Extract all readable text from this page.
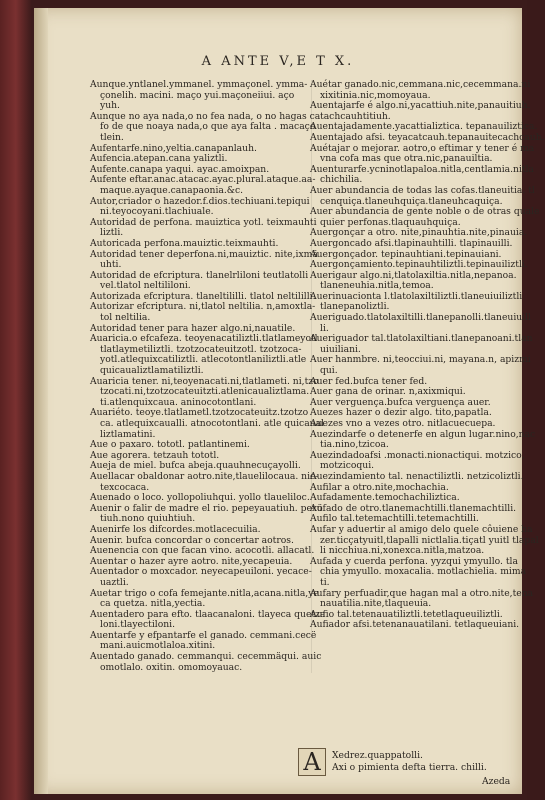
A ANTE V,E T X.
Aunque.yntlanel.ymmanel. ymmaçonel. ymma-
çonelih. macini. maço yui.maçoneiiui. aço
yuh.
Aunque no aya nada,o no fea nada, o no hagas ca
fo de que noaya nada,o que aya falta . macaço
tlein.
Aufentarfe.nino,yeltia.canapanlauh.
Aufencia.atepan.cana yaliztli.
Aufente.canapa yaqui. ayac.amoixpan.
Aufente eftar.anac.atacac.ayac.plural.ataque.aa-
maque.ayaque.canapaonia.&c.
Autor,criador o hazedor.f.dios.techiuani.tepiqui
ni.teyocoyani.tlachiuale.
Autoridad de perfona. mauiztica yotl. teixmauhti
liztli.
Autoricada perfona.mauiztic.teixmauhti.
Autoridad tener deperfona.ni,mauiztic. nite,ixmä
uhti.
Autoridad de efcriptura. tlanelrliloni teutlatolli
vel.tlatol neltililoni.
Autorizada efcriptura. tlaneltililli. tlatol neltililli.
Autorizar efcriptura. ni,tlatol neltilia. n,amoxtla-
tol neltilia.
Autoridad tener para hazer algo.ni,nauatile.
Auaricia.o efcafeza. teoyenacatiliztli.tlatlameyotl
tlatlaymetiliztli. tzotzocateuitzotl. tzotzoca-
yotl.atlequixcatiliztli. atlecotontlaniliztli.atle
quicaualiztlamatiliztli.
Auaricia tener. ni,teoyenacati.ni,tlatlameti. ni,tzo
tzocati.ni,tzotzocateuitzti.atlenicaualiztlama.
ti.atlenquixcaua. aninocotontlani.
Auariéto. teoye.tlatlametl.tzotzocateuitz.tzotzo
ca. atlequixcaualli. atnocotontlani. atle quicaual
liztlamatini.
Aue o paxaro. tototl. patlantinemi.
Aue agorera. tetzauh tototl.
Aueja de miel. bufca abeja.quauhnecuçayolli.
Auellacar obaldonar aotro.nite,tlauelilocaua. nic-
texcocaca.
Auenado o loco. yollopoliuhqui. yollo tlaueliloc.
Auenir o falir de madre el rio. pepeyauatiuh. pexö
tiuh.nono quiuhtiuh.
Auenirfe los difcordes.motlacecuilia.
Auenir. bufca concordar o concertar aotros.
Auenencia con que facan vino. acocotli. allacatl.
Auentar o hazer ayre aotro. nite,yecapeuia.
Auentador o moxcador. neyecapeuiloni. yecace-
uaztli.
Auetar trigo o cofa femejante.nitla,acana.nitla,ye
ca quetza. nitla,yectia.
Auentadero para efto. tlaacanaloni. tlayeca quetza
loni.tlayectiloni.
Auentarfe y efpantarfe el ganado. cemmani.cecë
mani.auicmotlaloa.xitini.
Auentado ganado. cemmanqui. cecemmäqui. auic
omotlalo. oxitin. omomoyauac.
Auétar ganado.nic,cemmana.nic,cecemmana.ni
xixitinia.nic,momoyaua.
Auentajarfe é algo.ni,yacattiuh.nite,panauitiuh.
tachcauhtitiuh.
Auentajadamente.yacattializtica. tepanauiliztica.
Auentajado afsi. teyacatcauh.tepanauitecachcauh.
Auétajar o mejorar. aotro,o eftimar y tener é ma
vna cofa mas que otra.nic,panauiltia.
Auenturarfe.ycninotlapaloa.nitla,centlamia.nitla
chichilia.
Auer abundancia de todas las cofas.tlaneuitia. tl
cenquiça.tlaneuhquiça.tlaneuhcaquiça.
Auer abundancia de gente noble o de otras quale
quier perfonas.tlaquauhquiça.
Auergonçar a otro. nite,pinauhtia.nite,pinauia.
Auergoncado afsi.tlapinauhtilli. tlapinauilli.
Auergonçador. tepinauhtiani.tepinauiani.
Auergonçamiento.tepinauhtiliztli.tepinauiliztli.
Auerigaur algo.ni,tlatolaxiltia.nitla,nepanoa.
tlaneneuhia.nitla,temoa.
Auerinuacionta l.tlatolaxiltiliztli.tlaneuiuiliztli
tlanepanoliztli.
Aueriguado.tlatolaxiltilli.tlanepanolli.tlaneuiuill
li.
Aueriguador tal.tlatolaxiltiani.tlanepanoani.tlan
uiuiliani.
Auer hanmbre. ni,teocciui.ni, mayana.n, apizmi
qui.
Auer fed.bufca tener fed.
Auer gana de orinar. n,axixmiqui.
Auer verguença.bufca verguença auer.
Auezes hazer o dezir algo. tito,papatla.
Auezes vno a vezes otro. nitlacuecuepa.
Auezindarfe o detenerfe en algun lugar.nino,nac
tia.nino,tzicoa.
Auezindadoafsi .monacti.nionactiqui. motzico,
motzicoqui.
Auezindamiento tal. nenactiliztli. netzicoliztli.
Aufilar a otro.nite,mochachia.
Aufadamente.temochachiliztica.
Aufado de otro.tlanemachtilli.tlanemachtilli.
Aufilo tal.tetemachtilli.tetemachtilli.
Aufar y aduertir al amigo delo quele côuiene ha
zer.ticçatyuitl,tlapalli nictlalia.tiçatl yuitl tlapal
li nicchiua.ni,xonexca.nitla,matzoa.
Aufada y cuerda perfona. yyzqui ymyullo. tla
chia ymyullo. moxacalia. motlachielia. mima
ti.
Aufary perfuadir,que hagan mal a otro.nite,tena
nauatilia.nite,tlaqueuia.
Aufio tal.tetenauatiliztli.tetetlaqueuiliztli.
Aufiador afsi.tetenanauatilani. tetlaqueuiani.
A	Xedrez.quappatolli.
Axi o pimienta defta tierra. chilli.
Azeda
